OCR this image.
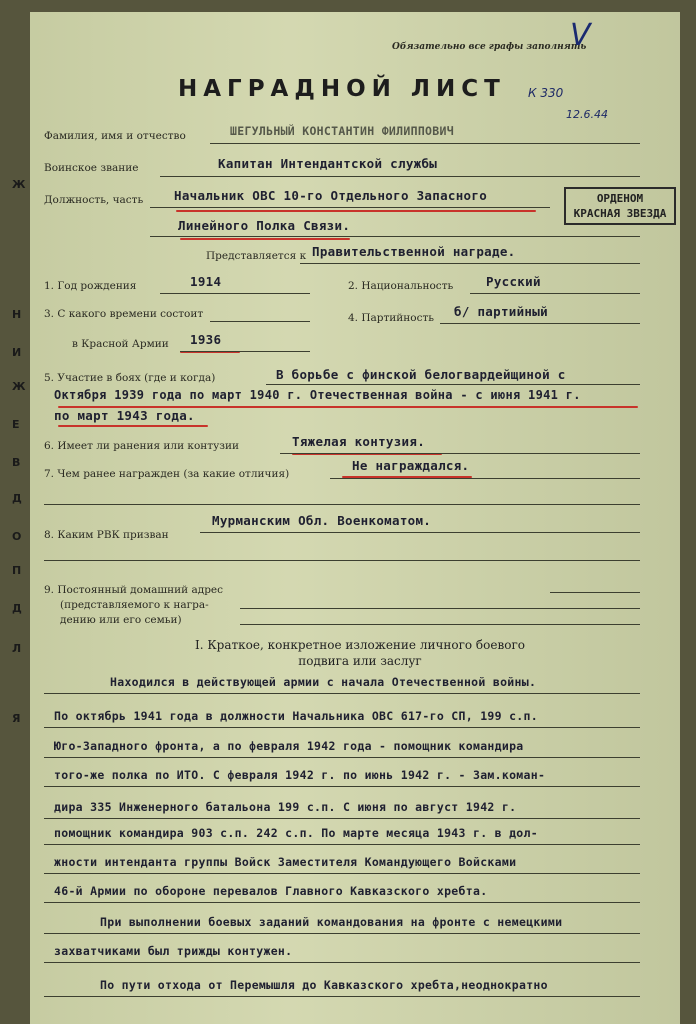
Обязательно все графы заполнять
V
НАГРАДНОЙ ЛИСТ К 330
12.6.44
Фамилия, имя и отчество	ШЕГУЛЬНЫЙ КОНСТАНТИН ФИЛИППОВИЧ
Воинское звание	Капитан Интендантской службы
Должность, часть Начальник ОВС 10-го Отдельного Запасного
Линейного Полка Связи.
ОРДЕНОМ
КРАСНАЯ ЗВЕЗДА
Представляется к Правительственной награде.
1. Год рождения	1914	2. Национальность	Русский
3. С какого времени состоит	4. Партийность б/ партийный
в Красной Армии 1936
5. Участие в боях (где и когда)	В борьбе с финской белогвардейщиной с
Октября 1939 года по март 1940 г. Отечественная война - с июня 1941 г.
по март 1943 года.
6. Имеет ли ранения или контузии	Тяжелая контузия.
7. Чем ранее награжден (за какие отличия)
Не награждался.
8. Каким РВК призван
Мурманским Обл. Военкоматом.
9. Постоянный домашний адрес
(представляемого к награ-
дению или его семьи)
I. Краткое, конкретное изложение личного боевого
подвига или заслуг
Находился в действующей армии с начала Отечественной войны.
По октябрь 1941 года в должности Начальника ОВС 617-го СП, 199 с.п.
Юго-Западного фронта, а по февраля 1942 года - помощник командира
того-же полка по ИТО. С февраля 1942 г. по июнь 1942 г. - Зам.коман-
дира 335 Инженерного батальона 199 с.п. С июня по август 1942 г.
помощник командира 903 с.п. 242 с.п. По марте месяца 1943 г. в дол-
жности интенданта группы Войск Заместителя Командующего Войсками
46-й Армии по обороне перевалов Главного Кавказского хребта.
При выполнении боевых заданий командования на фронте с немецкими
захватчиками был трижды контужен.
По пути отхода от Перемышля до Кавказского хребта,неоднократно
Ж
Н
И
Ж
Е
В
Д
О
П
Д
Л
Я
